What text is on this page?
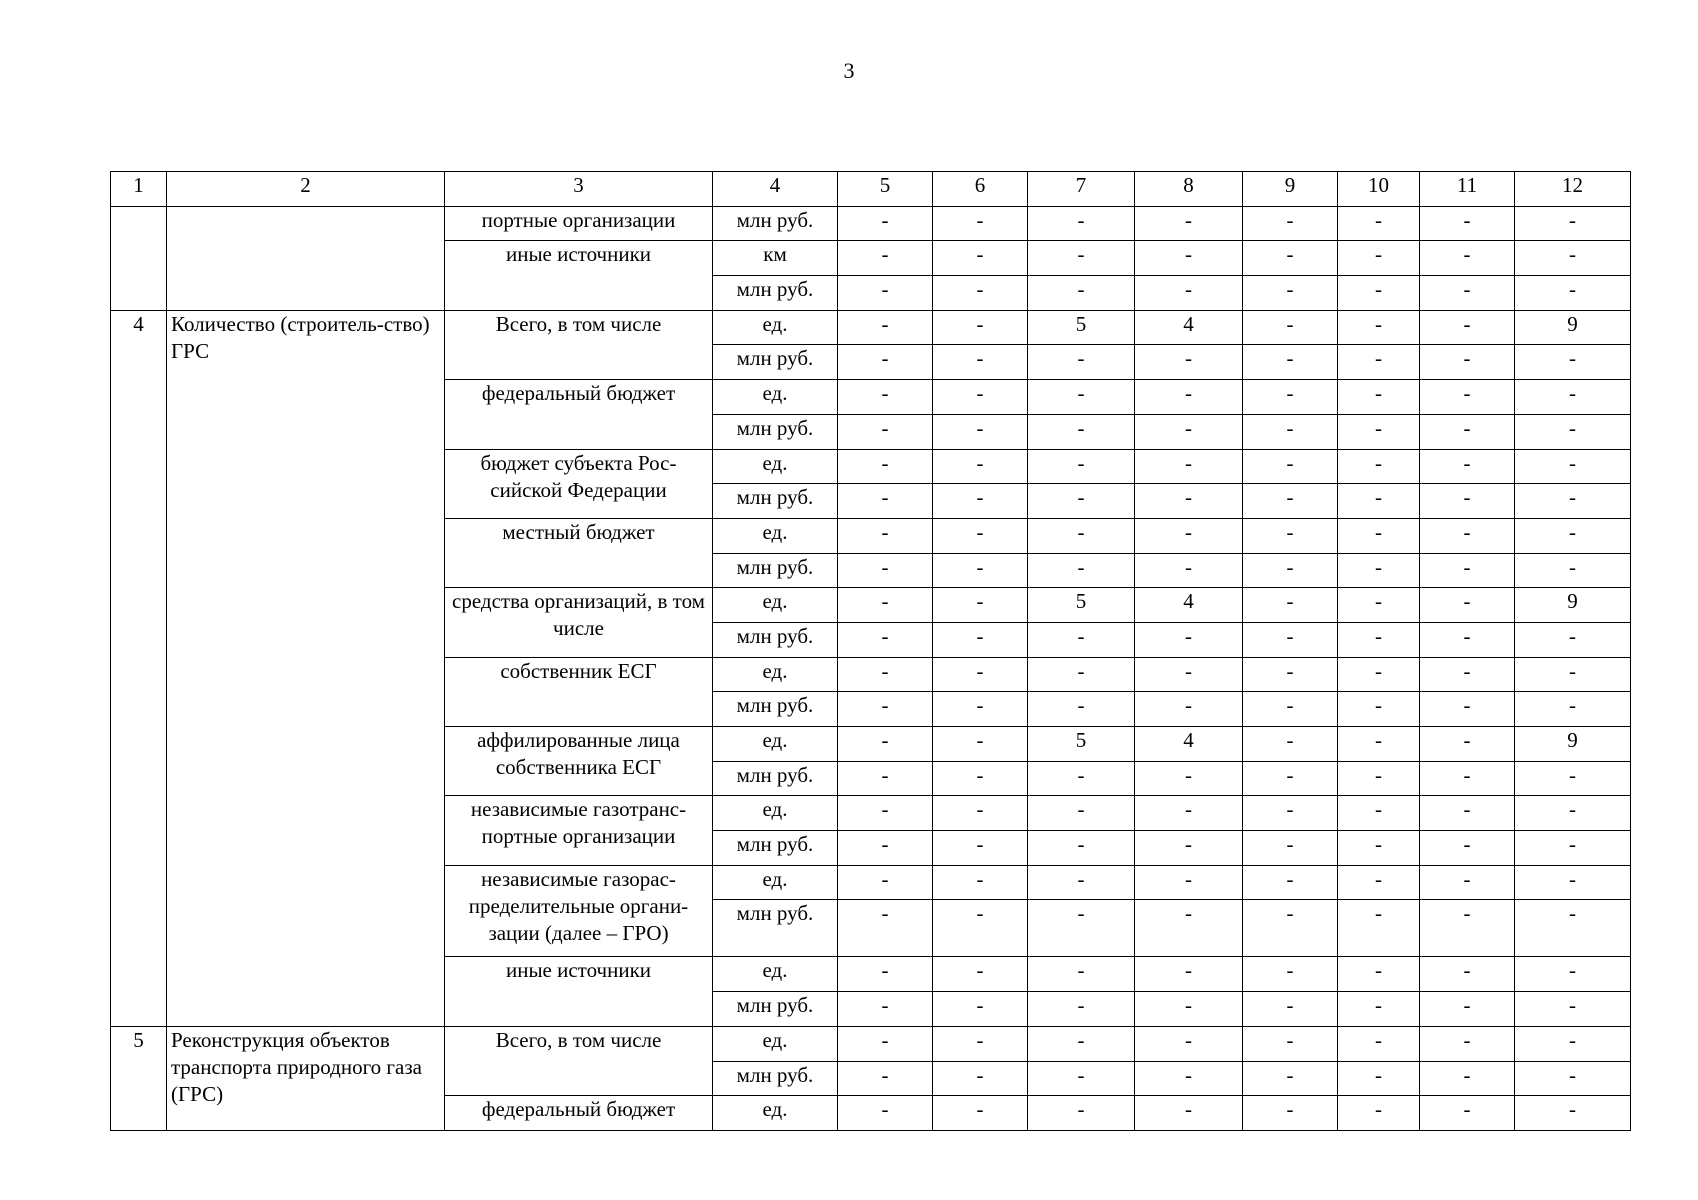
3
1	2	3	4	5	6	7	8	9	10	11	12
		портные организации	млн руб.	-	-	-	-	-	-	-	-
		иные источники	км	-	-	-	-	-	-	-	-
			млн руб.	-	-	-	-	-	-	-	-
4	Количество (строитель-ство) ГРС	Всего, в том числе	ед.	-	-	5	4	-	-	-	9
			млн руб.	-	-	-	-	-	-	-	-
		федеральный бюджет	ед.	-	-	-	-	-	-	-	-
			млн руб.	-	-	-	-	-	-	-	-
		бюджет субъекта Рос-сийской Федерации	ед.	-	-	-	-	-	-	-	-
			млн руб.	-	-	-	-	-	-	-	-
		местный бюджет	ед.	-	-	-	-	-	-	-	-
			млн руб.	-	-	-	-	-	-	-	-
		средства организаций, в том числе	ед.	-	-	5	4	-	-	-	9
			млн руб.	-	-	-	-	-	-	-	-
		собственник ЕСГ	ед.	-	-	-	-	-	-	-	-
			млн руб.	-	-	-	-	-	-	-	-
		аффилированные лица собственника ЕСГ	ед.	-	-	5	4	-	-	-	9
			млн руб.	-	-	-	-	-	-	-	-
		независимые газотранс-портные организации	ед.	-	-	-	-	-	-	-	-
			млн руб.	-	-	-	-	-	-	-	-
		независимые газорас-пределительные органи-зации (далее – ГРО)	ед.	-	-	-	-	-	-	-	-
			млн руб.	-	-	-	-	-	-	-	-
		иные источники	ед.	-	-	-	-	-	-	-	-
			млн руб.	-	-	-	-	-	-	-	-
5	Реконструкция объектов транспорта природного газа (ГРС)	Всего, в том числе	ед.	-	-	-	-	-	-	-	-
			млн руб.	-	-	-	-	-	-	-	-
		федеральный бюджет	ед.	-	-	-	-	-	-	-	-
